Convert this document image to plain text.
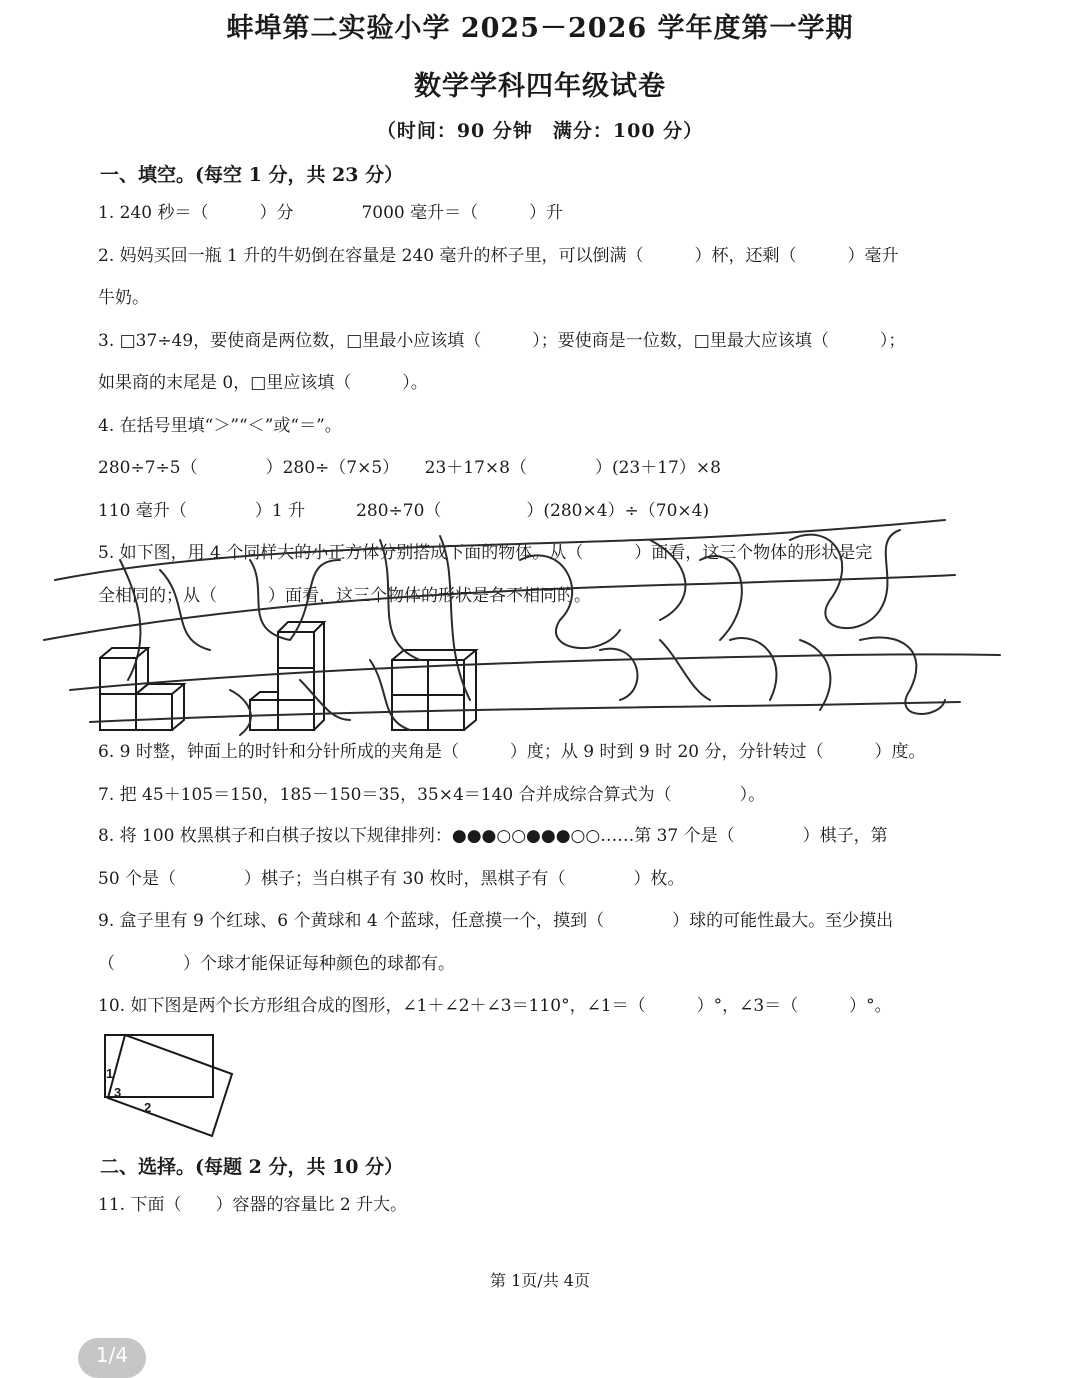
蚌埠第二实验小学 2025－2026 学年度第一学期
数学学科四年级试卷
（时间：90 分钟　满分：100 分）
一、填空。(每空 1 分，共 23 分）
1. 240 秒＝（　　　）分　　　　7000 毫升＝（　　　）升
2. 妈妈买回一瓶 1 升的牛奶倒在容量是 240 毫升的杯子里，可以倒满（　　　）杯，还剩（　　　）毫升
牛奶。
3. □37÷49，要使商是两位数，□里最小应该填（　　　）；要使商是一位数，□里最大应该填（　　　）；
如果商的末尾是 0，□里应该填（　　　）。
4. 在括号里填“＞”“＜”或“＝”。
280÷7÷5（　　　　）280÷（7×5）　　23＋17×8（　　　　）(23＋17）×8
110 毫升（　　　　）1 升　　　280÷70（　　　　　）(280×4）÷（70×4)
5. 如下图，用 4 个同样大的小正方体分别搭成下面的物体。从（　　　）面看，这三个物体的形状是完
全相同的；从（　　　）面看，这三个物体的形状是各不相同的。
6. 9 时整，钟面上的时针和分针所成的夹角是（　　　）度；从 9 时到 9 时 20 分，分针转过（　　　）度。
7. 把 45＋105＝150，185－150＝35，35×4＝140 合并成综合算式为（　　　　）。
8. 将 100 枚黑棋子和白棋子按以下规律排列：●●●○○●●●○○……第 37 个是（　　　　）棋子，第
50 个是（　　　　）棋子；当白棋子有 30 枚时，黑棋子有（　　　　）枚。
9. 盒子里有 9 个红球、6 个黄球和 4 个蓝球，任意摸一个，摸到（　　　　）球的可能性最大。至少摸出
（　　　　）个球才能保证每种颜色的球都有。
10. 如下图是两个长方形组合成的图形，∠1＋∠2＋∠3＝110°，∠1＝（　　　）°，∠3＝（　　　）°。
1
3
2
二、选择。(每题 2 分，共 10 分）
11. 下面（　　）容器的容量比 2 升大。
第 1页/共 4页
1/4
